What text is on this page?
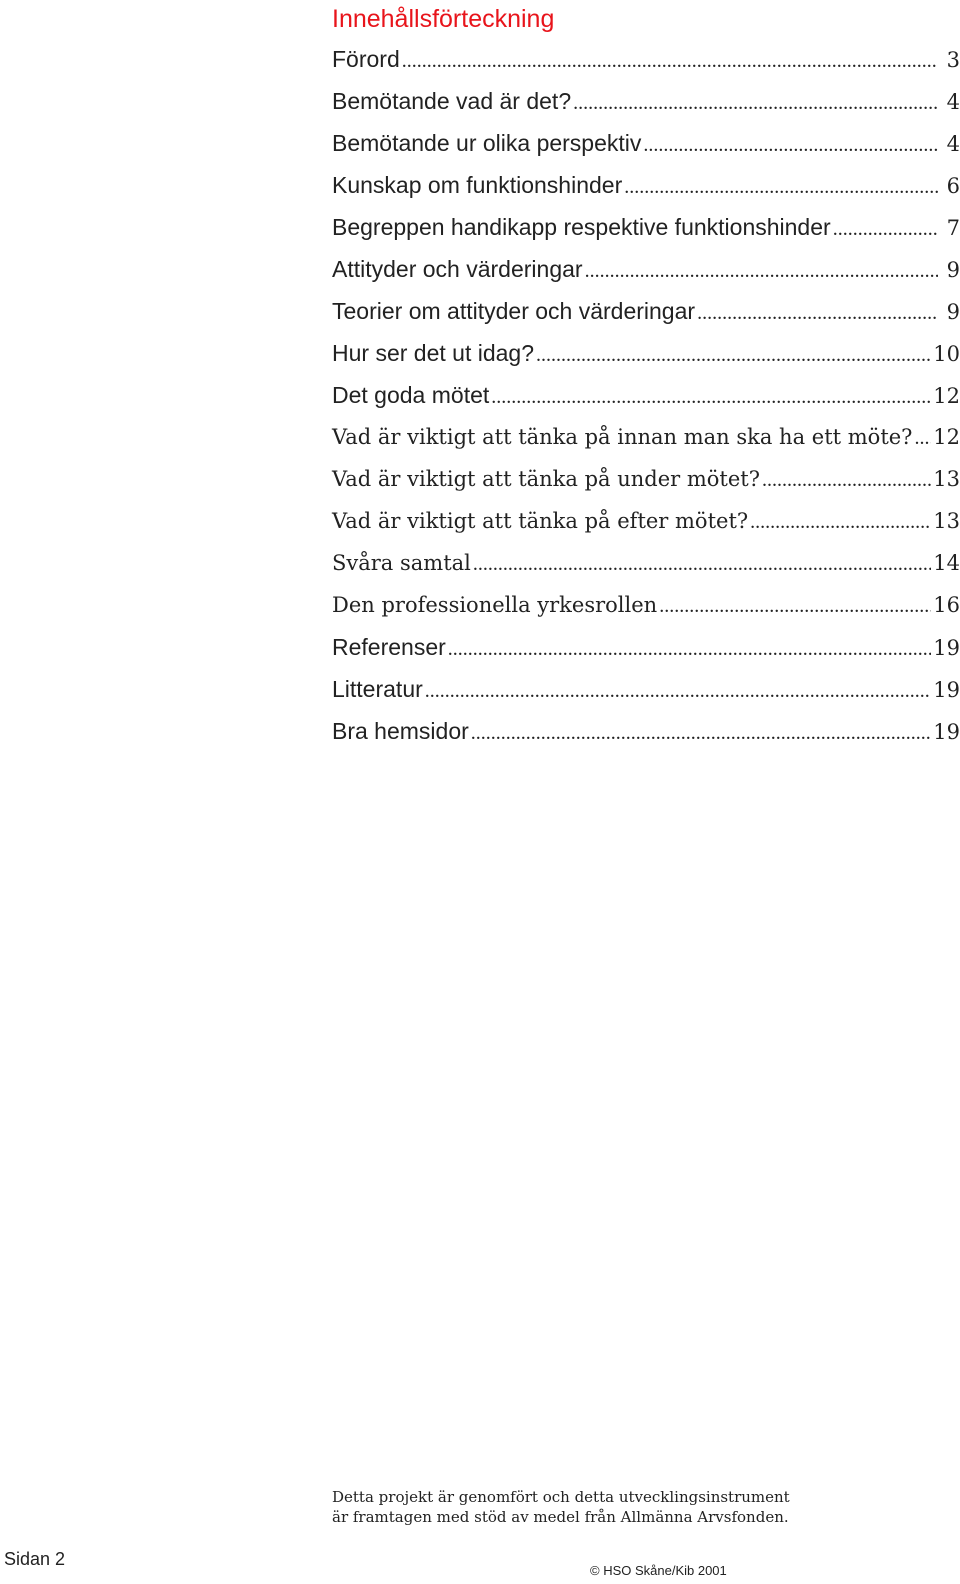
Innehållsförteckning
Förord .....	3
Bemötande vad är det? .....	4
Bemötande ur olika perspektiv .....	4
Kunskap om funktionshinder .....	6
Begreppen handikapp respektive funktionshinder .....	7
Attityder och värderingar .....	9
Teorier om attityder och värderingar .....	9
Hur ser det ut idag? .....	10
Det goda mötet .....	12
Vad är viktigt att tänka på innan man ska ha ett möte? ..... 12
Vad är viktigt att tänka på under mötet? .....	13
Vad är viktigt att tänka på efter mötet? .....	13
Svåra samtal .....	14
Den professionella yrkesrollen .....	16
Referenser .....	19
Litteratur .....	19
Bra hemsidor .....	19
Detta projekt är genomfört och detta utvecklingsinstrument
är framtagen med stöd av medel från Allmänna Arvsfonden.
Sidan 2
© HSO Skåne/Kib 2001
